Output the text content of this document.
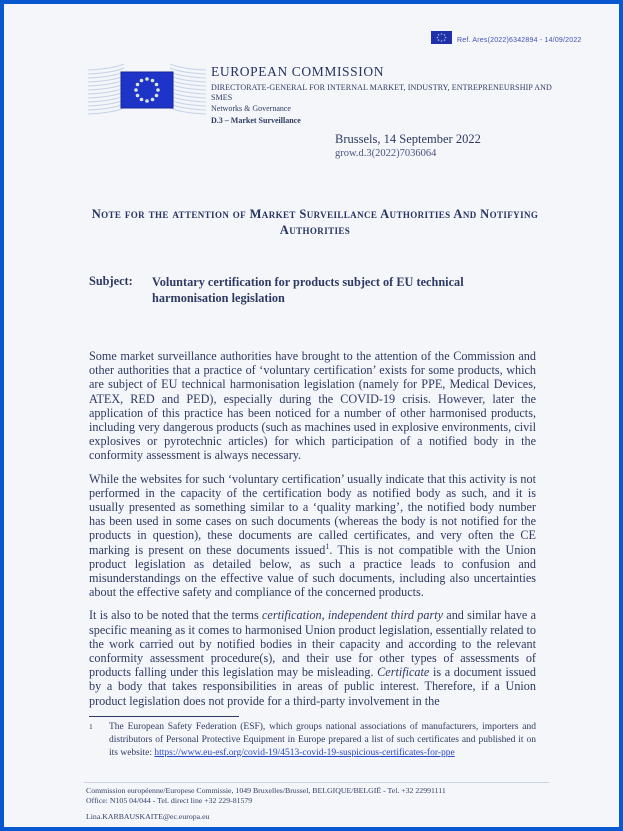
Ref. Ares(2022)6342894 - 14/09/2022
EUROPEAN COMMISSION
DIRECTORATE-GENERAL FOR INTERNAL MARKET, INDUSTRY, ENTREPRENEURSHIP AND SMES
Networks & Governance
D.3 – Market Surveillance
Brussels, 14 September 2022
grow.d.3(2022)7036064
Note for the attention of Market Surveillance Authorities And Notifying Authorities
Subject: Voluntary certification for products subject of EU technical harmonisation legislation

Some market surveillance authorities have brought to the attention of the Commission and other authorities that a practice of ‘voluntary certification’ exists for some products, which are subject of EU technical harmonisation legislation (namely for PPE, Medical Devices, ATEX, RED and PED), especially during the COVID-19 crisis. However, later the application of this practice has been noticed for a number of other harmonised products, including very dangerous products (such as machines used in explosive environments, civil explosives or pyrotechnic articles) for which participation of a notified body in the conformity assessment is always necessary.

While the websites for such ‘voluntary certification’ usually indicate that this activity is not performed in the capacity of the certification body as notified body as such, and it is usually presented as something similar to a ‘quality marking’, the notified body number has been used in some cases on such documents (whereas the body is not notified for the products in question), these documents are called certificates, and very often the CE marking is present on these documents issued$^1$. This is not compatible with the Union product legislation as detailed below, as such a practice leads to confusion and misunderstandings on the effective value of such documents, including also uncertainties about the effective safety and compliance of the concerned products.

It is also to be noted that the terms certification, independent third party and similar have a specific meaning as it comes to harmonised Union product legislation, essentially related to the work carried out by notified bodies in their capacity and according to the relevant conformity assessment procedure(s), and their use for other types of assessments of products falling under this legislation may be misleading. Certificate is a document issued by a body that takes responsibilities in areas of public interest. Therefore, if a Union product legislation does not provide for a third-party involvement in the

1	The European Safety Federation (ESF), which groups national associations of manufacturers, importers and distributors of Personal Protective Equipment in Europe prepared a list of such certificates and published it on its website: https://www.eu-esf.org/covid-19/4513-covid-19-suspicious-certificates-for-ppe
Commission européenne/Europese Commissie, 1049 Bruxelles/Brussel, BELGIQUE/BELGIË - Tel. +32 22991111
Office: N105 04/044 - Tel. direct line +32 229-81579
Lina.KARBAUSKAITE@ec.europa.eu
